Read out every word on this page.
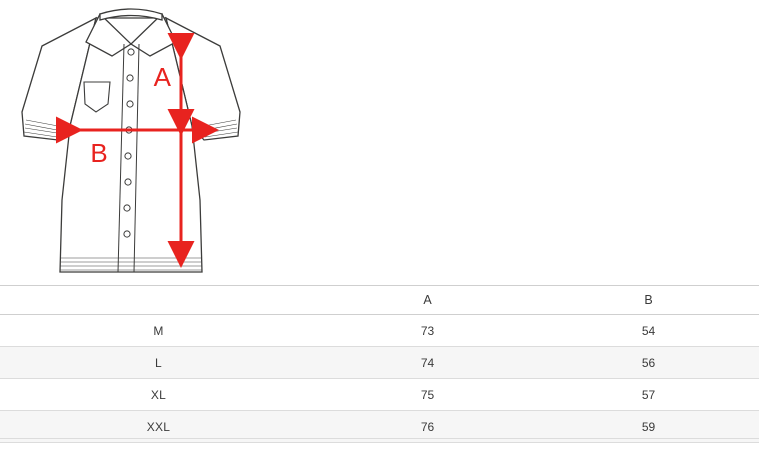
A
B
	A	B
M	73	54
L	74	56
XL	75	57
XXL	76	59
